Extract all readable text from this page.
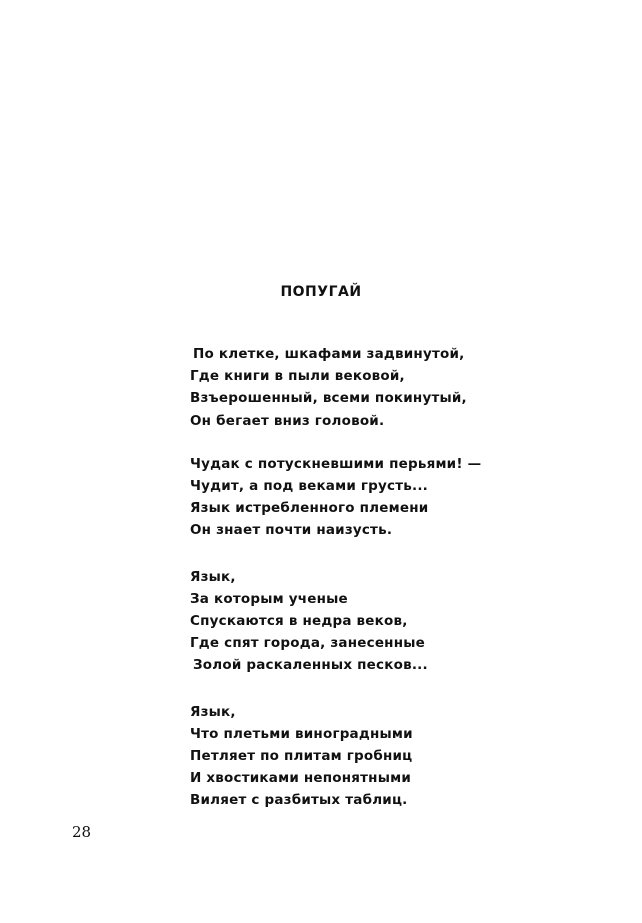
ПОПУГАЙ
По клетке, шкафами задвинутой,
Где книги в пыли вековой,
Взъерошенный, всеми покинутый,
Он бегает вниз головой.
Чудак с потускневшими перьями! —
Чудит, а под веками грусть...
Язык истребленного племени
Он знает почти наизусть.
Язык,
За которым ученые
Спускаются в недра веков,
Где спят города, занесенные
Золой раскаленных песков...
Язык,
Что плетьми виноградными
Петляет по плитам гробниц
И хвостиками непонятными
Виляет с разбитых таблиц.
28
